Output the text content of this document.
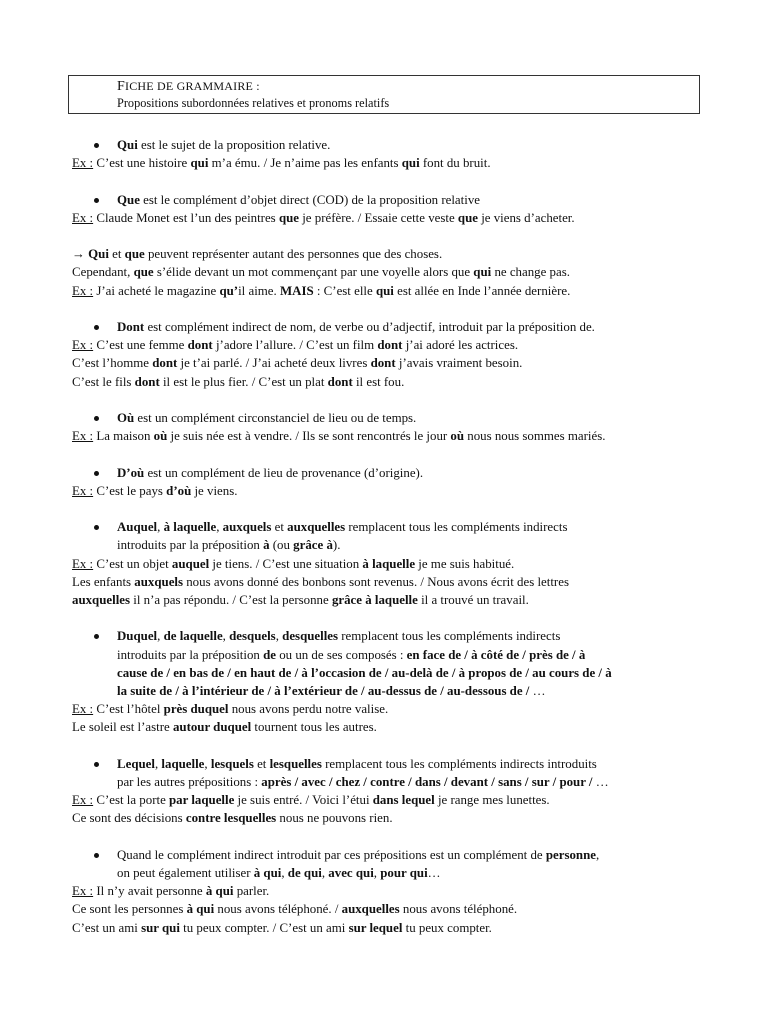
FICHE DE GRAMMAIRE :
Propositions subordonnées relatives et pronoms relatifs
Qui est le sujet de la proposition relative.
Ex : C’est une histoire qui m’a ému. / Je n’aime pas les enfants qui font du bruit.
Que est le complément d’objet direct (COD) de la proposition relative
Ex : Claude Monet est l’un des peintres que je préfère. / Essaie cette veste que je viens d’acheter.
→ Qui et que peuvent représenter autant des personnes que des choses.
Cependant, que s’élide devant un mot commençant par une voyelle alors que qui ne change pas.
Ex : J’ai acheté le magazine qu’il aime. MAIS : C’est elle qui est allée en Inde l’année dernière.
Dont est complément indirect de nom, de verbe ou d’adjectif, introduit par la préposition de.
Ex : C’est une femme dont j’adore l’allure. / C’est un film dont j’ai adoré les actrices.
C’est l’homme dont je t’ai parlé. / J’ai acheté deux livres dont j’avais vraiment besoin.
C’est le fils dont il est le plus fier. / C’est un plat dont il est fou.
Où est un complément circonstanciel de lieu ou de temps.
Ex : La maison où je suis née est à vendre. / Ils se sont rencontrés le jour où nous nous sommes mariés.
D’où est un complément de lieu de provenance (d’origine).
Ex : C’est le pays d’où je viens.
Auquel, à laquelle, auxquels et auxquelles remplacent tous les compléments indirects
introduits par la préposition à (ou grâce à).
Ex : C’est un objet auquel je tiens. / C’est une situation à laquelle je me suis habitué.
Les enfants auxquels nous avons donné des bonbons sont revenus. / Nous avons écrit des lettres
auxquelles il n’a pas répondu. / C’est la personne grâce à laquelle il a trouvé un travail.
Duquel, de laquelle, desquels, desquelles remplacent tous les compléments indirects
introduits par la préposition de ou un de ses composés : en face de / à côté de / près de / à
cause de / en bas de / en haut de / à l’occasion de / au-delà de / à propos de / au cours de / à
la suite de / à l’intérieur de / à l’extérieur de / au-dessus de / au-dessous de / …
Ex : C’est l’hôtel près duquel nous avons perdu notre valise.
Le soleil est l’astre autour duquel tournent tous les autres.
Lequel, laquelle, lesquels et lesquelles remplacent tous les compléments indirects introduits
par les autres prépositions : après / avec / chez / contre / dans / devant / sans / sur / pour / …
Ex : C’est la porte par laquelle je suis entré. / Voici l’étui dans lequel je range mes lunettes.
Ce sont des décisions contre lesquelles nous ne pouvons rien.
Quand le complément indirect introduit par ces prépositions est un complément de personne,
on peut également utiliser à qui, de qui, avec qui, pour qui…
Ex : Il n’y avait personne à qui parler.
Ce sont les personnes à qui nous avons téléphoné. / auxquelles nous avons téléphoné.
C’est un ami sur qui tu peux compter. / C’est un ami sur lequel tu peux compter.
